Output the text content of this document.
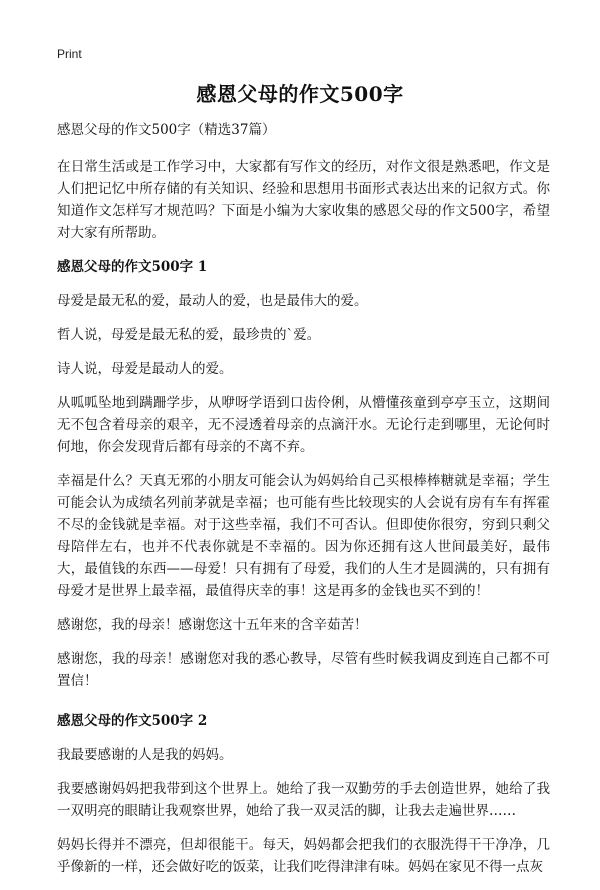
Print
感恩父母的作文500字
感恩父母的作文500字（精选37篇）

在日常生活或是工作学习中，大家都有写作文的经历，对作文很是熟悉吧，作文是人们把记忆中所存储的有关知识、经验和思想用书面形式表达出来的记叙方式。你知道作文怎样写才规范吗？下面是小编为大家收集的感恩父母的作文500字，希望对大家有所帮助。

感恩父母的作文500字 1

母爱是最无私的爱，最动人的爱，也是最伟大的爱。

哲人说，母爱是最无私的爱，最珍贵的`爱。

诗人说，母爱是最动人的爱。

从呱呱坠地到蹒跚学步，从咿呀学语到口齿伶俐，从懵懂孩童到亭亭玉立，这期间无不包含着母亲的艰辛，无不浸透着母亲的点滴汗水。无论行走到哪里，无论何时何地，你会发现背后都有母亲的不离不弃。

幸福是什么？天真无邪的小朋友可能会认为妈妈给自己买根棒棒糖就是幸福；学生可能会认为成绩名列前茅就是幸福；也可能有些比较现实的人会说有房有车有挥霍不尽的金钱就是幸福。对于这些幸福，我们不可否认。但即使你很穷，穷到只剩父母陪伴左右，也并不代表你就是不幸福的。因为你还拥有这人世间最美好，最伟大，最值钱的东西——母爱！只有拥有了母爱，我们的人生才是圆满的，只有拥有母爱才是世界上最幸福，最值得庆幸的事！这是再多的金钱也买不到的！

感谢您，我的母亲！感谢您这十五年来的含辛茹苦！

感谢您，我的母亲！感谢您对我的悉心教导，尽管有些时候我调皮到连自己都不可置信！

感恩父母的作文500字 2

我最要感谢的人是我的妈妈。

我要感谢妈妈把我带到这个世界上。她给了我一双勤劳的手去创造世界，她给了我一双明亮的眼睛让我观察世界，她给了我一双灵活的脚，让我去走遍世界……

妈妈长得并不漂亮，但却很能干。每天，妈妈都会把我们的衣服洗得干干净净，几乎像新的一样，还会做好吃的饭菜，让我们吃得津津有味。妈妈在家见不得一点灰
